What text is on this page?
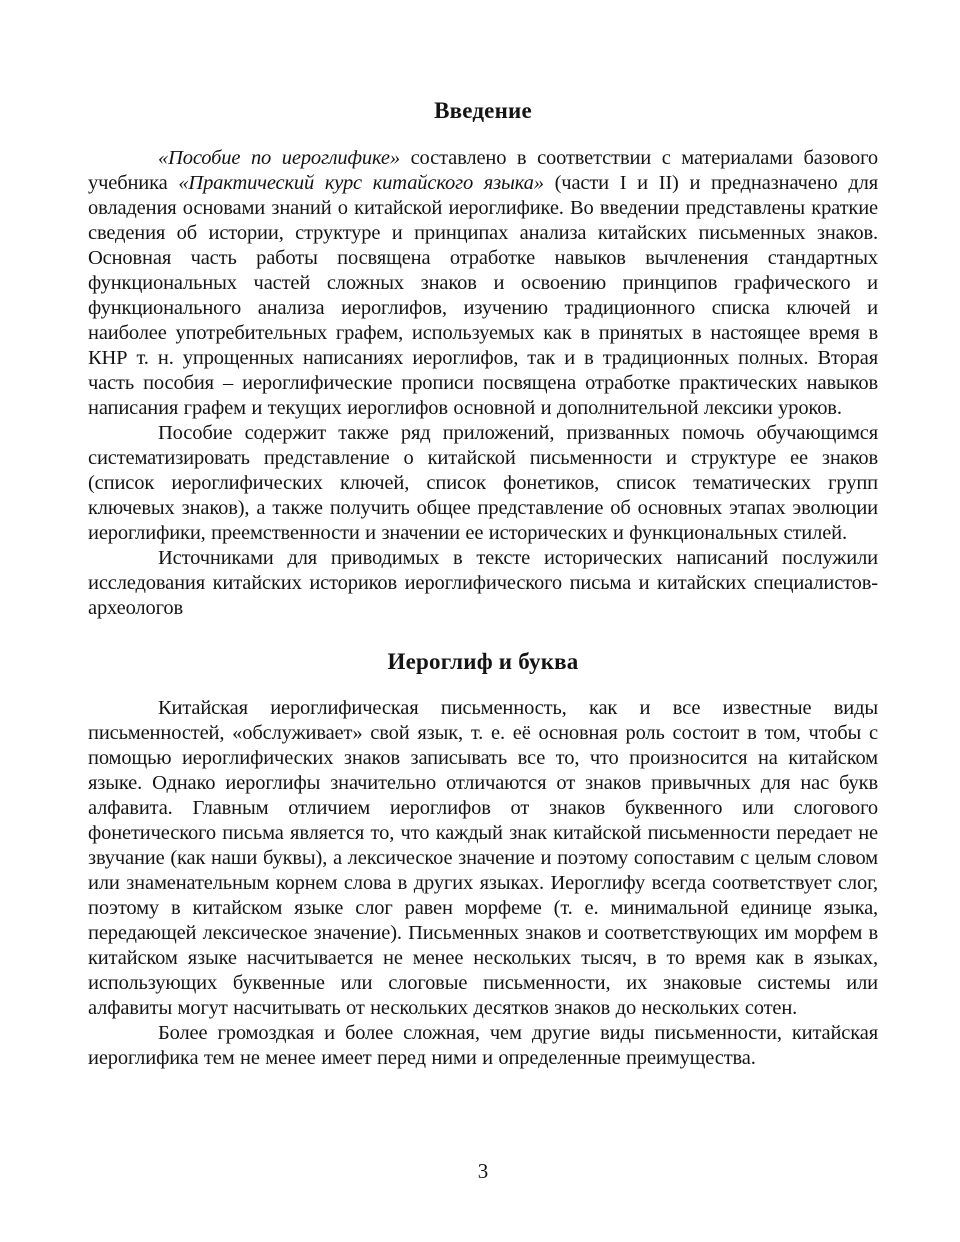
Введение

«Пособие по иероглифике» составлено в соответствии с материалами базового учебника «Практический курс китайского языка» (части I и II) и предназначено для овладения основами знаний о китайской иероглифике. Во введении представлены краткие сведения об истории, структуре и принципах анализа китайских письменных знаков. Основная часть работы посвящена отработке навыков вычленения стандартных функциональных частей сложных знаков и освоению принципов графического и функционального анализа иероглифов, изучению традиционного списка ключей и наиболее употребительных графем, используемых как в принятых в настоящее время в КНР т. н. упрощенных написаниях иероглифов, так и в традиционных полных. Вторая часть пособия – иероглифические прописи посвящена отработке практических навыков написания графем и текущих иероглифов основной и дополнительной лексики уроков.

Пособие содержит также ряд приложений, призванных помочь обучающимся систематизировать представление о китайской письменности и структуре ее знаков (список иероглифических ключей, список фонетиков, список тематических групп ключевых знаков), а также получить общее представление об основных этапах эволюции иероглифики, преемственности и значении ее исторических и функциональных стилей.

Источниками для приводимых в тексте исторических написаний послужили исследования китайских историков иероглифического письма и китайских специалистов-археологов

Иероглиф и буква

Китайская иероглифическая письменность, как и все известные виды письменностей, «обслуживает» свой язык, т. е. её основная роль состоит в том, чтобы с помощью иероглифических знаков записывать все то, что произносится на китайском языке. Однако иероглифы значительно отличаются от знаков привычных для нас букв алфавита. Главным отличием иероглифов от знаков буквенного или слогового фонетического письма является то, что каждый знак китайской письменности передает не звучание (как наши буквы), а лексическое значение и поэтому сопоставим с целым словом или знаменательным корнем слова в других языках. Иероглифу всегда соответствует слог, поэтому в китайском языке слог равен морфеме (т. е. минимальной единице языка, передающей лексическое значение). Письменных знаков и соответствующих им морфем в китайском языке насчитывается не менее нескольких тысяч, в то время как в языках, использующих буквенные или слоговые письменности, их знаковые системы или алфавиты могут насчитывать от нескольких десятков знаков до нескольких сотен.

Более громоздкая и более сложная, чем другие виды письменности, китайская иероглифика тем не менее имеет перед ними и определенные преимущества.

3
